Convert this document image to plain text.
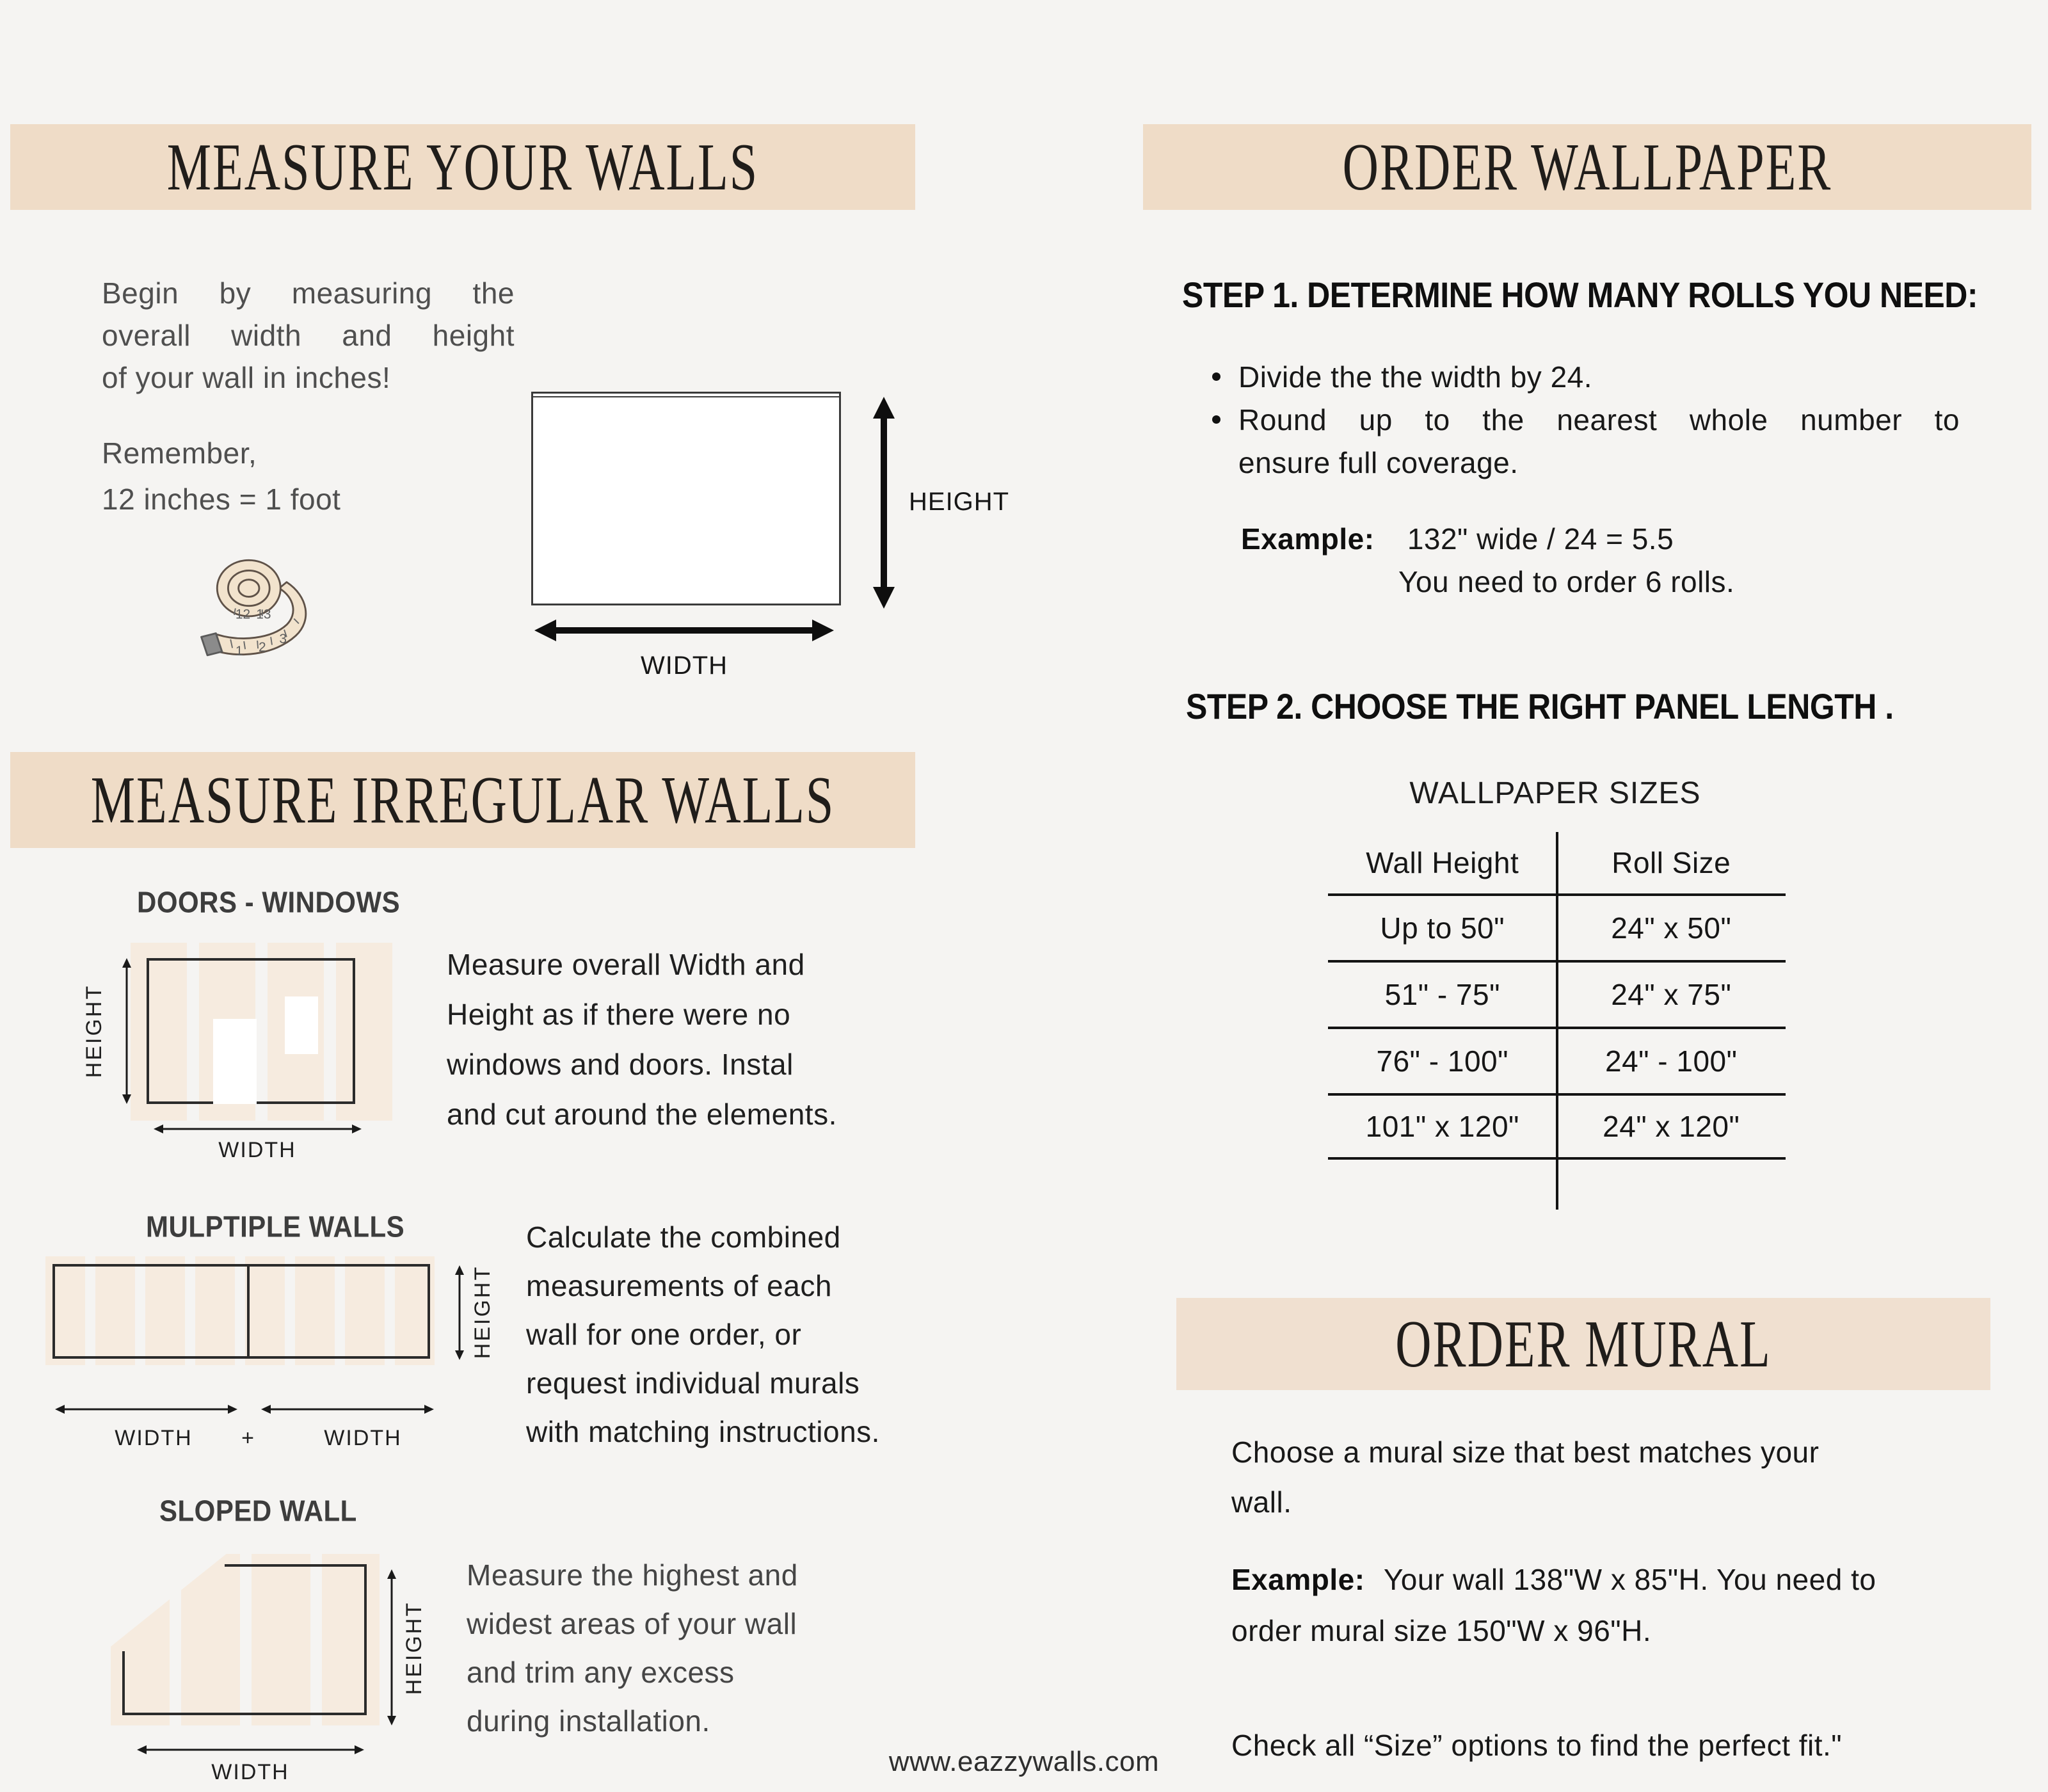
MEASURE YOUR WALLS
Begin by measuring the
overall width and height
of your wall in inches!
Remember,
12 inches = 1 foot
12 13
1 2
3
HEIGHT
WIDTH
MEASURE IRREGULAR WALLS
DOORS - WINDOWS
HEIGHT
WIDTH
Measure overall Width and
Height as if there were no
windows and doors. Instal
and cut around the elements.
MULPTIPLE WALLS
HEIGHT
WIDTH	+	WIDTH
Calculate the combined
measurements of each
wall for one order, or
request individual murals
with matching instructions.
SLOPED WALL
HEIGHT
WIDTH
Measure the highest and
widest areas of your wall
and trim any excess
during installation.
ORDER WALLPAPER
STEP 1. DETERMINE HOW MANY ROLLS YOU NEED:
Divide the the width by 24.
Round up to the nearest whole number to
ensure full coverage.
Example: 132" wide / 24 = 5.5
You need to order 6 rolls.
STEP 2. CHOOSE THE RIGHT PANEL LENGTH .
WALLPAPER SIZES
Wall Height	Roll Size
Up to 50"	24" x 50"
51" - 75"	24" x 75"
76" - 100"	24" - 100"
101" x 120"	24" x 120"
ORDER MURAL
Choose a mural size that best matches your
wall.
Example: Your wall 138"W x 85"H. You need to
order mural size 150"W x 96"H.
Check all “Size” options to find the perfect fit."
www.eazzywalls.com
